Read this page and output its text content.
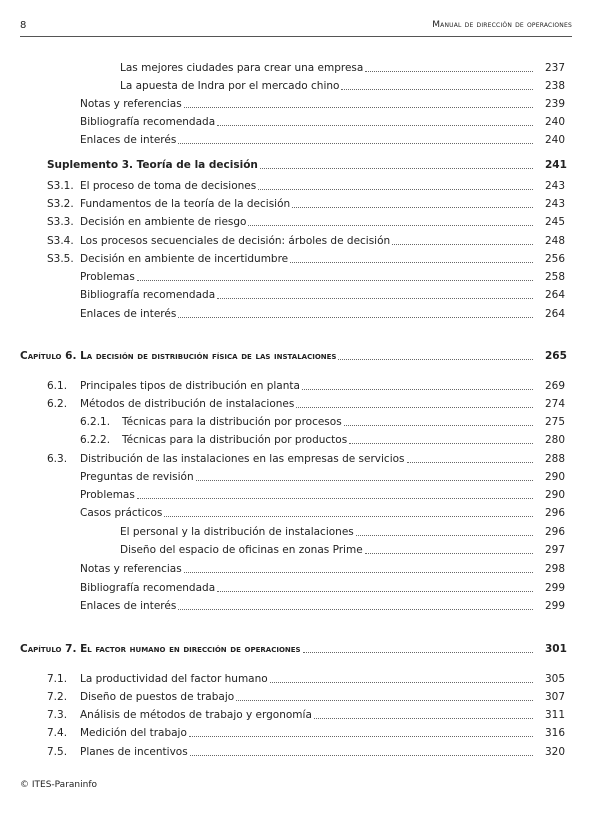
8	Manual de dirección de operaciones
Las mejores ciudades para crear una empresa	237
La apuesta de Indra por el mercado chino	238
Notas y referencias	239
Bibliografía recomendada	240
Enlaces de interés	240
Suplemento 3. Teoría de la decisión	241
S3.1. El proceso de toma de decisiones	243
S3.2. Fundamentos de la teoría de la decisión	243
S3.3. Decisión en ambiente de riesgo	245
S3.4. Los procesos secuenciales de decisión: árboles de decisión	248
S3.5. Decisión en ambiente de incertidumbre	256
Problemas	258
Bibliografía recomendada	264
Enlaces de interés	264
Capítulo 6. La decisión de distribución física de las instalaciones	265
6.1.	Principales tipos de distribución en planta	269
6.2.	Métodos de distribución de instalaciones	274
6.2.1.	Técnicas para la distribución por procesos	275
6.2.2.	Técnicas para la distribución por productos	280
6.3.	Distribución de las instalaciones en las empresas de servicios	288
Preguntas de revisión	290
Problemas	290
Casos prácticos	296
El personal y la distribución de instalaciones	296
Diseño del espacio de oficinas en zonas Prime	297
Notas y referencias	298
Bibliografía recomendada	299
Enlaces de interés	299
Capítulo 7. El factor humano en dirección de operaciones	301
7.1.	La productividad del factor humano	305
7.2.	Diseño de puestos de trabajo	307
7.3.	Análisis de métodos de trabajo y ergonomía	311
7.4.	Medición del trabajo	316
7.5.	Planes de incentivos	320
© ITES-Paraninfo
